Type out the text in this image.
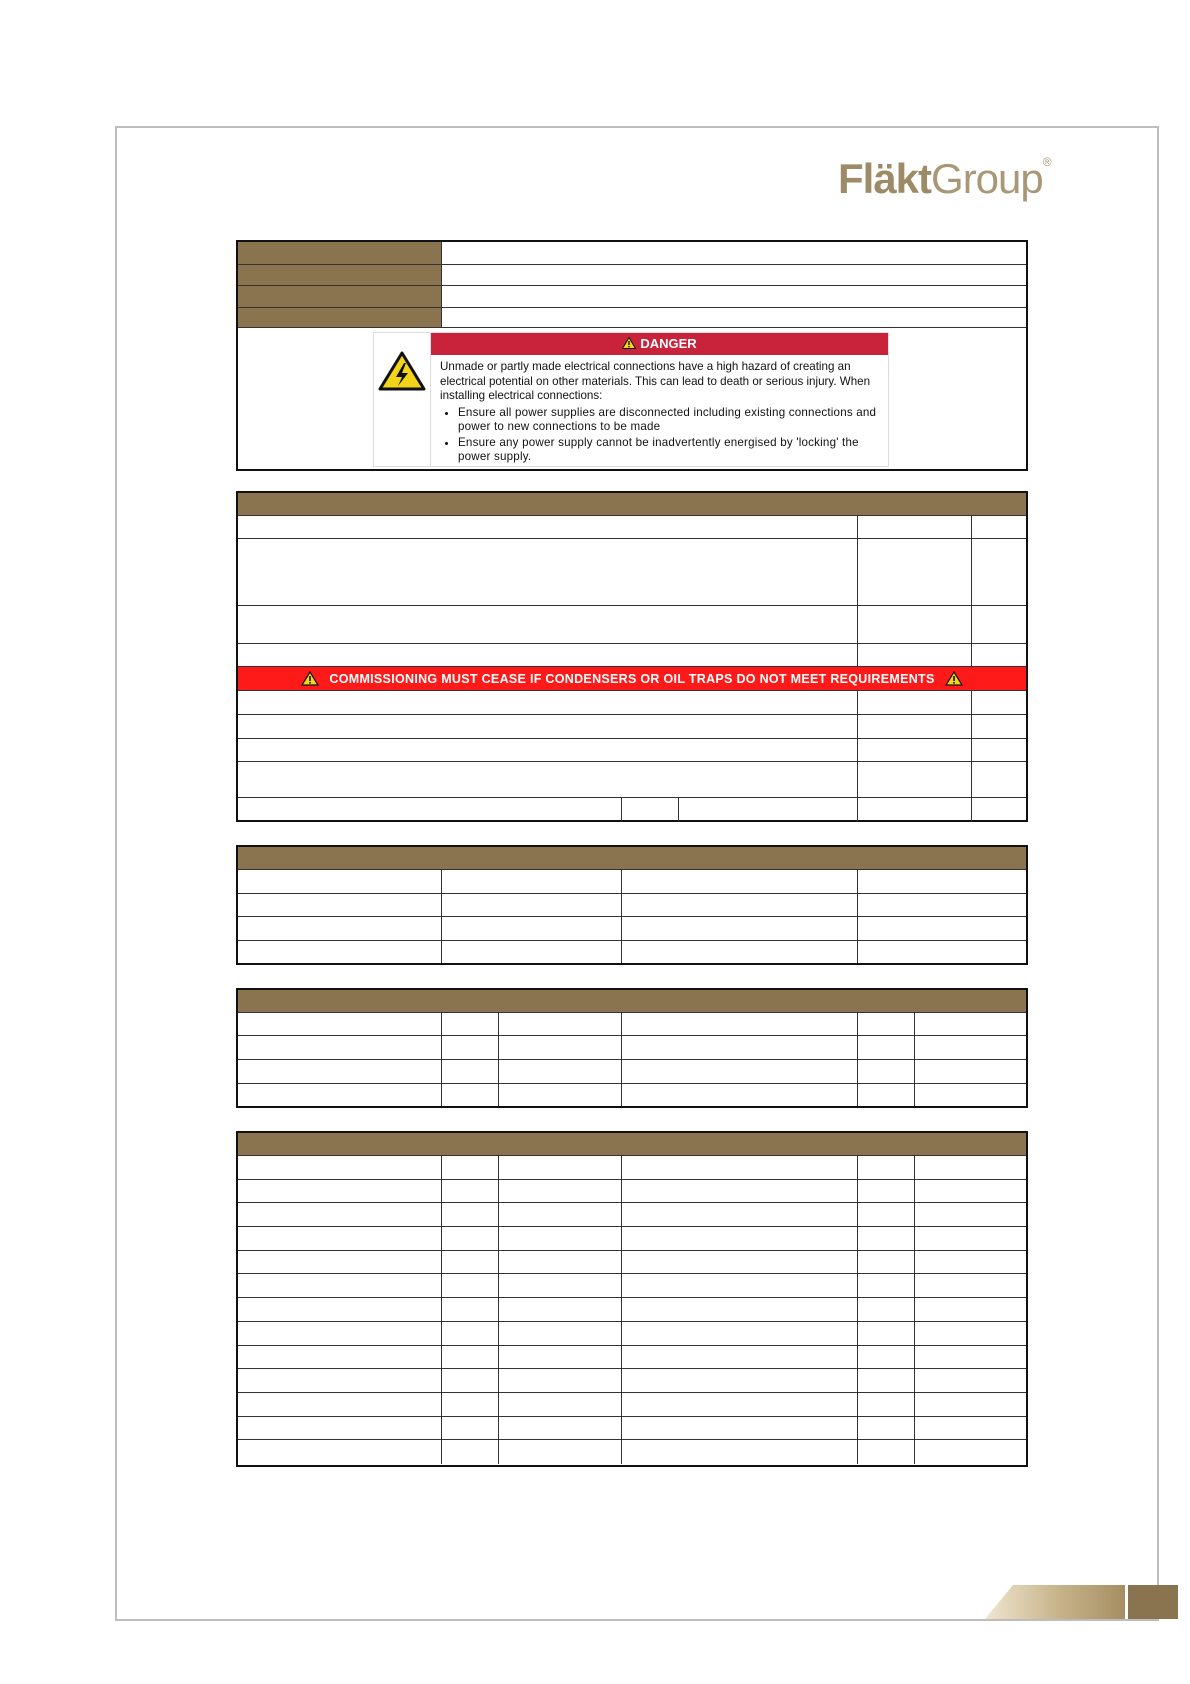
FläktGroup®
DANGER
Unmade or partly made electrical connections have a high hazard of creating an electrical potential on other materials. This can lead to death or serious injury. When installing electrical connections:
• Ensure all power supplies are disconnected including existing connections and power to new connections to be made
• Ensure any power supply cannot be inadvertently energised by 'locking' the power supply.
COMMISSIONING MUST CEASE IF CONDENSERS OR OIL TRAPS DO NOT MEET REQUIREMENTS
